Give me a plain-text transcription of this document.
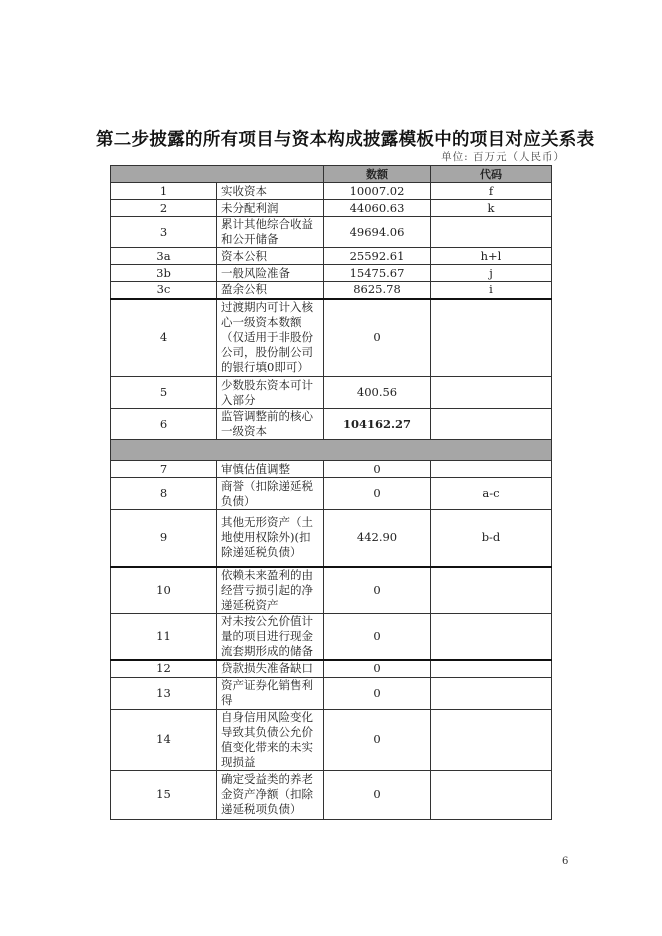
第二步披露的所有项目与资本构成披露模板中的项目对应关系表
单位: 百万元（人民币）
		数额	代码
1	实收资本	10007.02	f
2	未分配利润	44060.63	k
3	累计其他综合收益和公开储备	49694.06	
3a	资本公积	25592.61	h+l
3b	一般风险准备	15475.67	j
3c	盈余公积	8625.78	i
4	过渡期内可计入核心一级资本数额（仅适用于非股份公司，股份制公司的银行填0即可）	0	
5	少数股东资本可计入部分	400.56	
6	监管调整前的核心一级资本	104162.27	

7	审慎估值调整	0	
8	商誉（扣除递延税负债）	0	a-c
9	其他无形资产（土地使用权除外)(扣除递延税负债）	442.90	b-d
10	依赖未来盈利的由经营亏损引起的净递延税资产	0	
11	对未按公允价值计量的项目进行现金流套期形成的储备	0	
12	贷款损失准备缺口	0	
13	资产证券化销售利得	0	
14	自身信用风险变化导致其负债公允价值变化带来的未实现损益	0	
15	确定受益类的养老金资产净额（扣除递延税项负债）	0	
6
